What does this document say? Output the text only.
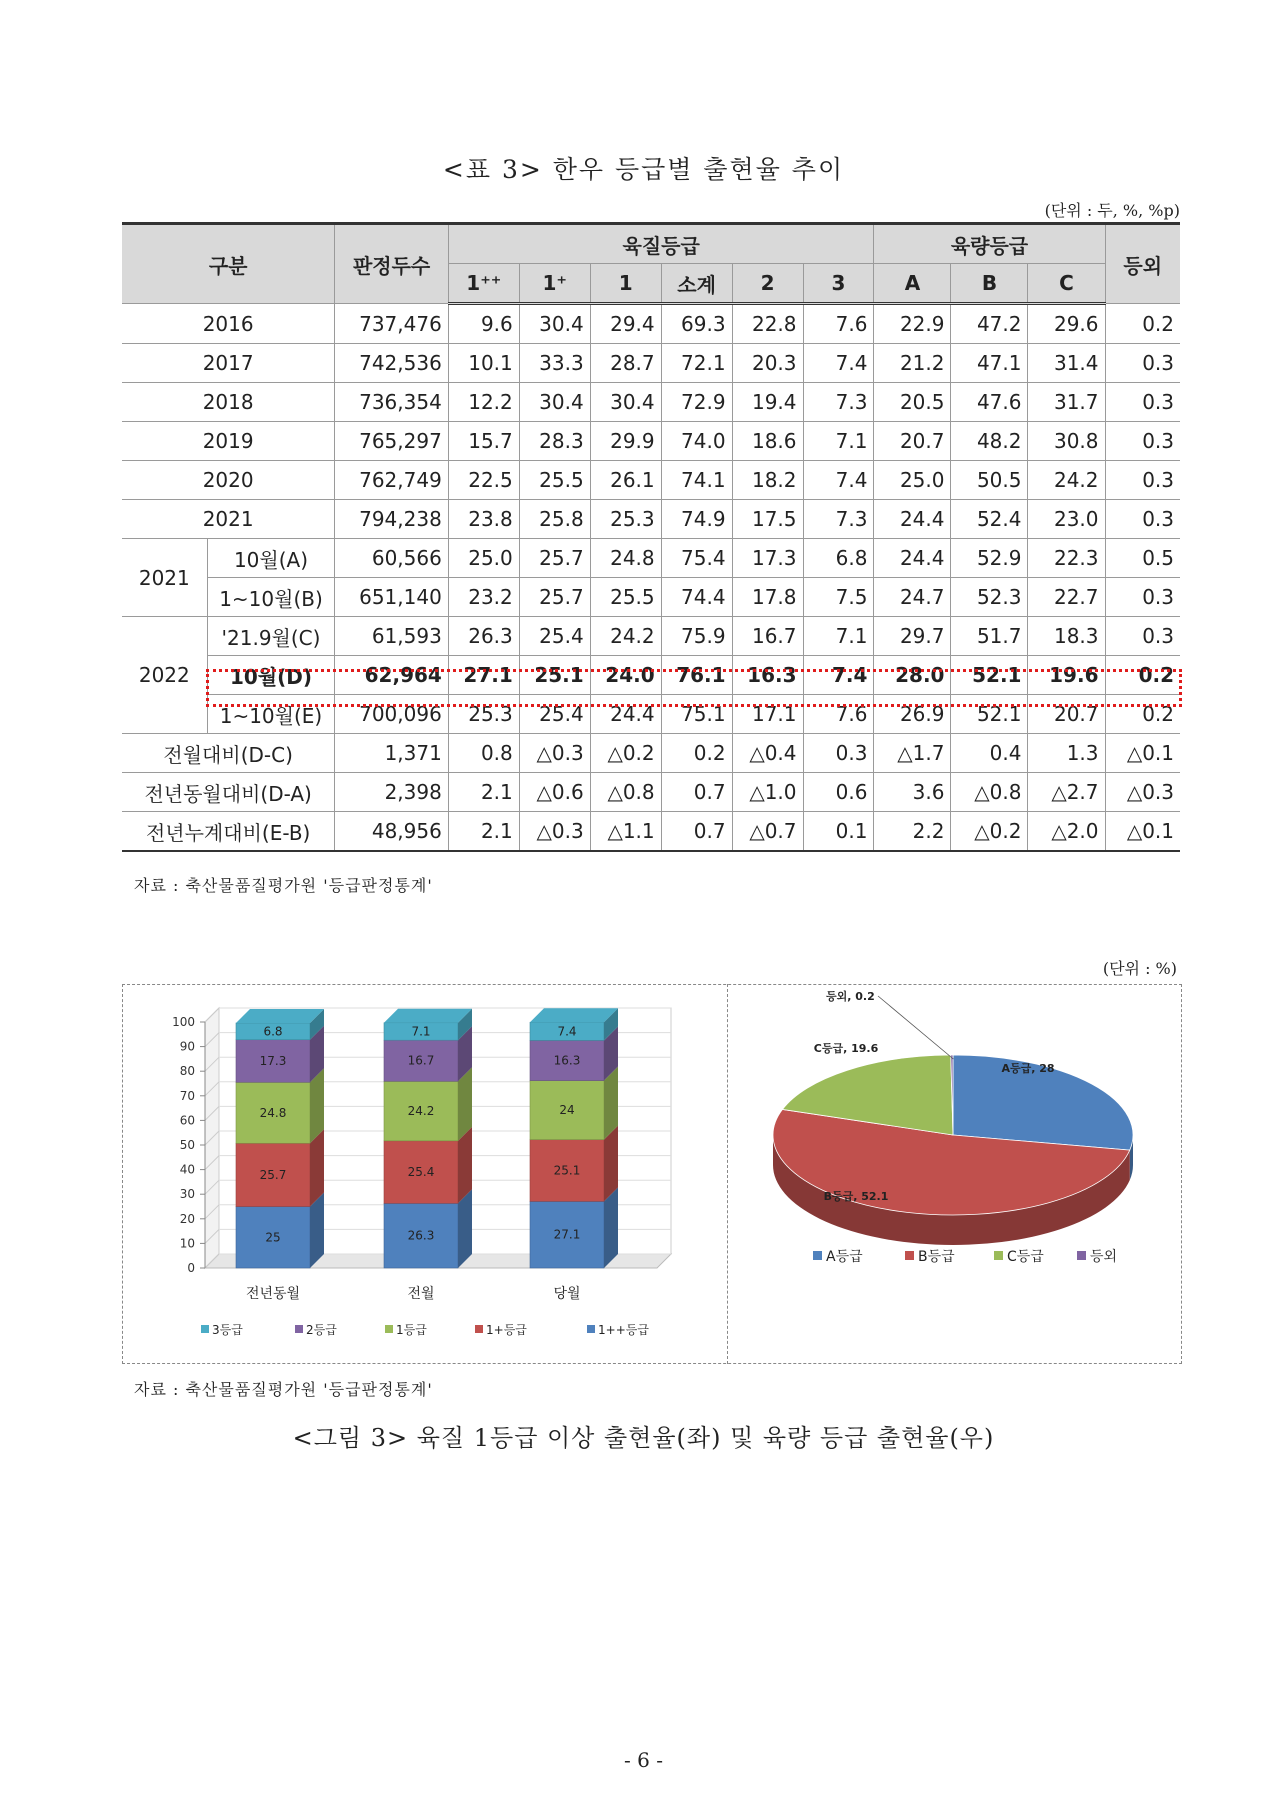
<표 3> 한우 등급별 출현율 추이
(단위 : 두, %, %p)
구분		판정두수	육질등급						육량등급			등외
			1⁺⁺	1⁺	1	소계	2	3	A	B	C	
2016		737,476	9.6	30.4	29.4	69.3	22.8	7.6	22.9	47.2	29.6	0.2
2017		742,536	10.1	33.3	28.7	72.1	20.3	7.4	21.2	47.1	31.4	0.3
2018		736,354	12.2	30.4	30.4	72.9	19.4	7.3	20.5	47.6	31.7	0.3
2019		765,297	15.7	28.3	29.9	74.0	18.6	7.1	20.7	48.2	30.8	0.3
2020		762,749	22.5	25.5	26.1	74.1	18.2	7.4	25.0	50.5	24.2	0.3
2021		794,238	23.8	25.8	25.3	74.9	17.5	7.3	24.4	52.4	23.0	0.3
2021	10월(A)	60,566	25.0	25.7	24.8	75.4	17.3	6.8	24.4	52.9	22.3	0.5
	1~10월(B)	651,140	23.2	25.7	25.5	74.4	17.8	7.5	24.7	52.3	22.7	0.3
2022	'21.9월(C)	61,593	26.3	25.4	24.2	75.9	16.7	7.1	29.7	51.7	18.3	0.3
	10월(D)	62,964	27.1	25.1	24.0	76.1	16.3	7.4	28.0	52.1	19.6	0.2
	1~10월(E)	700,096	25.3	25.4	24.4	75.1	17.1	7.6	26.9	52.1	20.7	0.2
전월대비(D-C)		1,371	0.8	△0.3	△0.2	0.2	△0.4	0.3	△1.7	0.4	1.3	△0.1
전년동월대비(D-A)		2,398	2.1	△0.6	△0.8	0.7	△1.0	0.6	3.6	△0.8	△2.7	△0.3
전년누계대비(E-B)		48,956	2.1	△0.3	△1.1	0.7	△0.7	0.1	2.2	△0.2	△2.0	△0.1
자료 : 축산물품질평가원 '등급판정통계'
(단위 : %)
0
10
20
30
40
50
60
70
80
90
100
25
25.7
24.8
17.3
6.8
전년동월
26.3
25.4
24.2
16.7
7.1
전월
27.1
25.1
24
16.3
7.4
당월
3등급	2등급	1등급	1+등급	1++등급
A등급, 28
B등급, 52.1
C등급, 19.6
등외, 0.2
A등급	B등급	C등급	등외
자료 : 축산물품질평가원 '등급판정통계'
<그림 3> 육질 1등급 이상 출현율(좌) 및 육량 등급 출현율(우)
- 6 -
